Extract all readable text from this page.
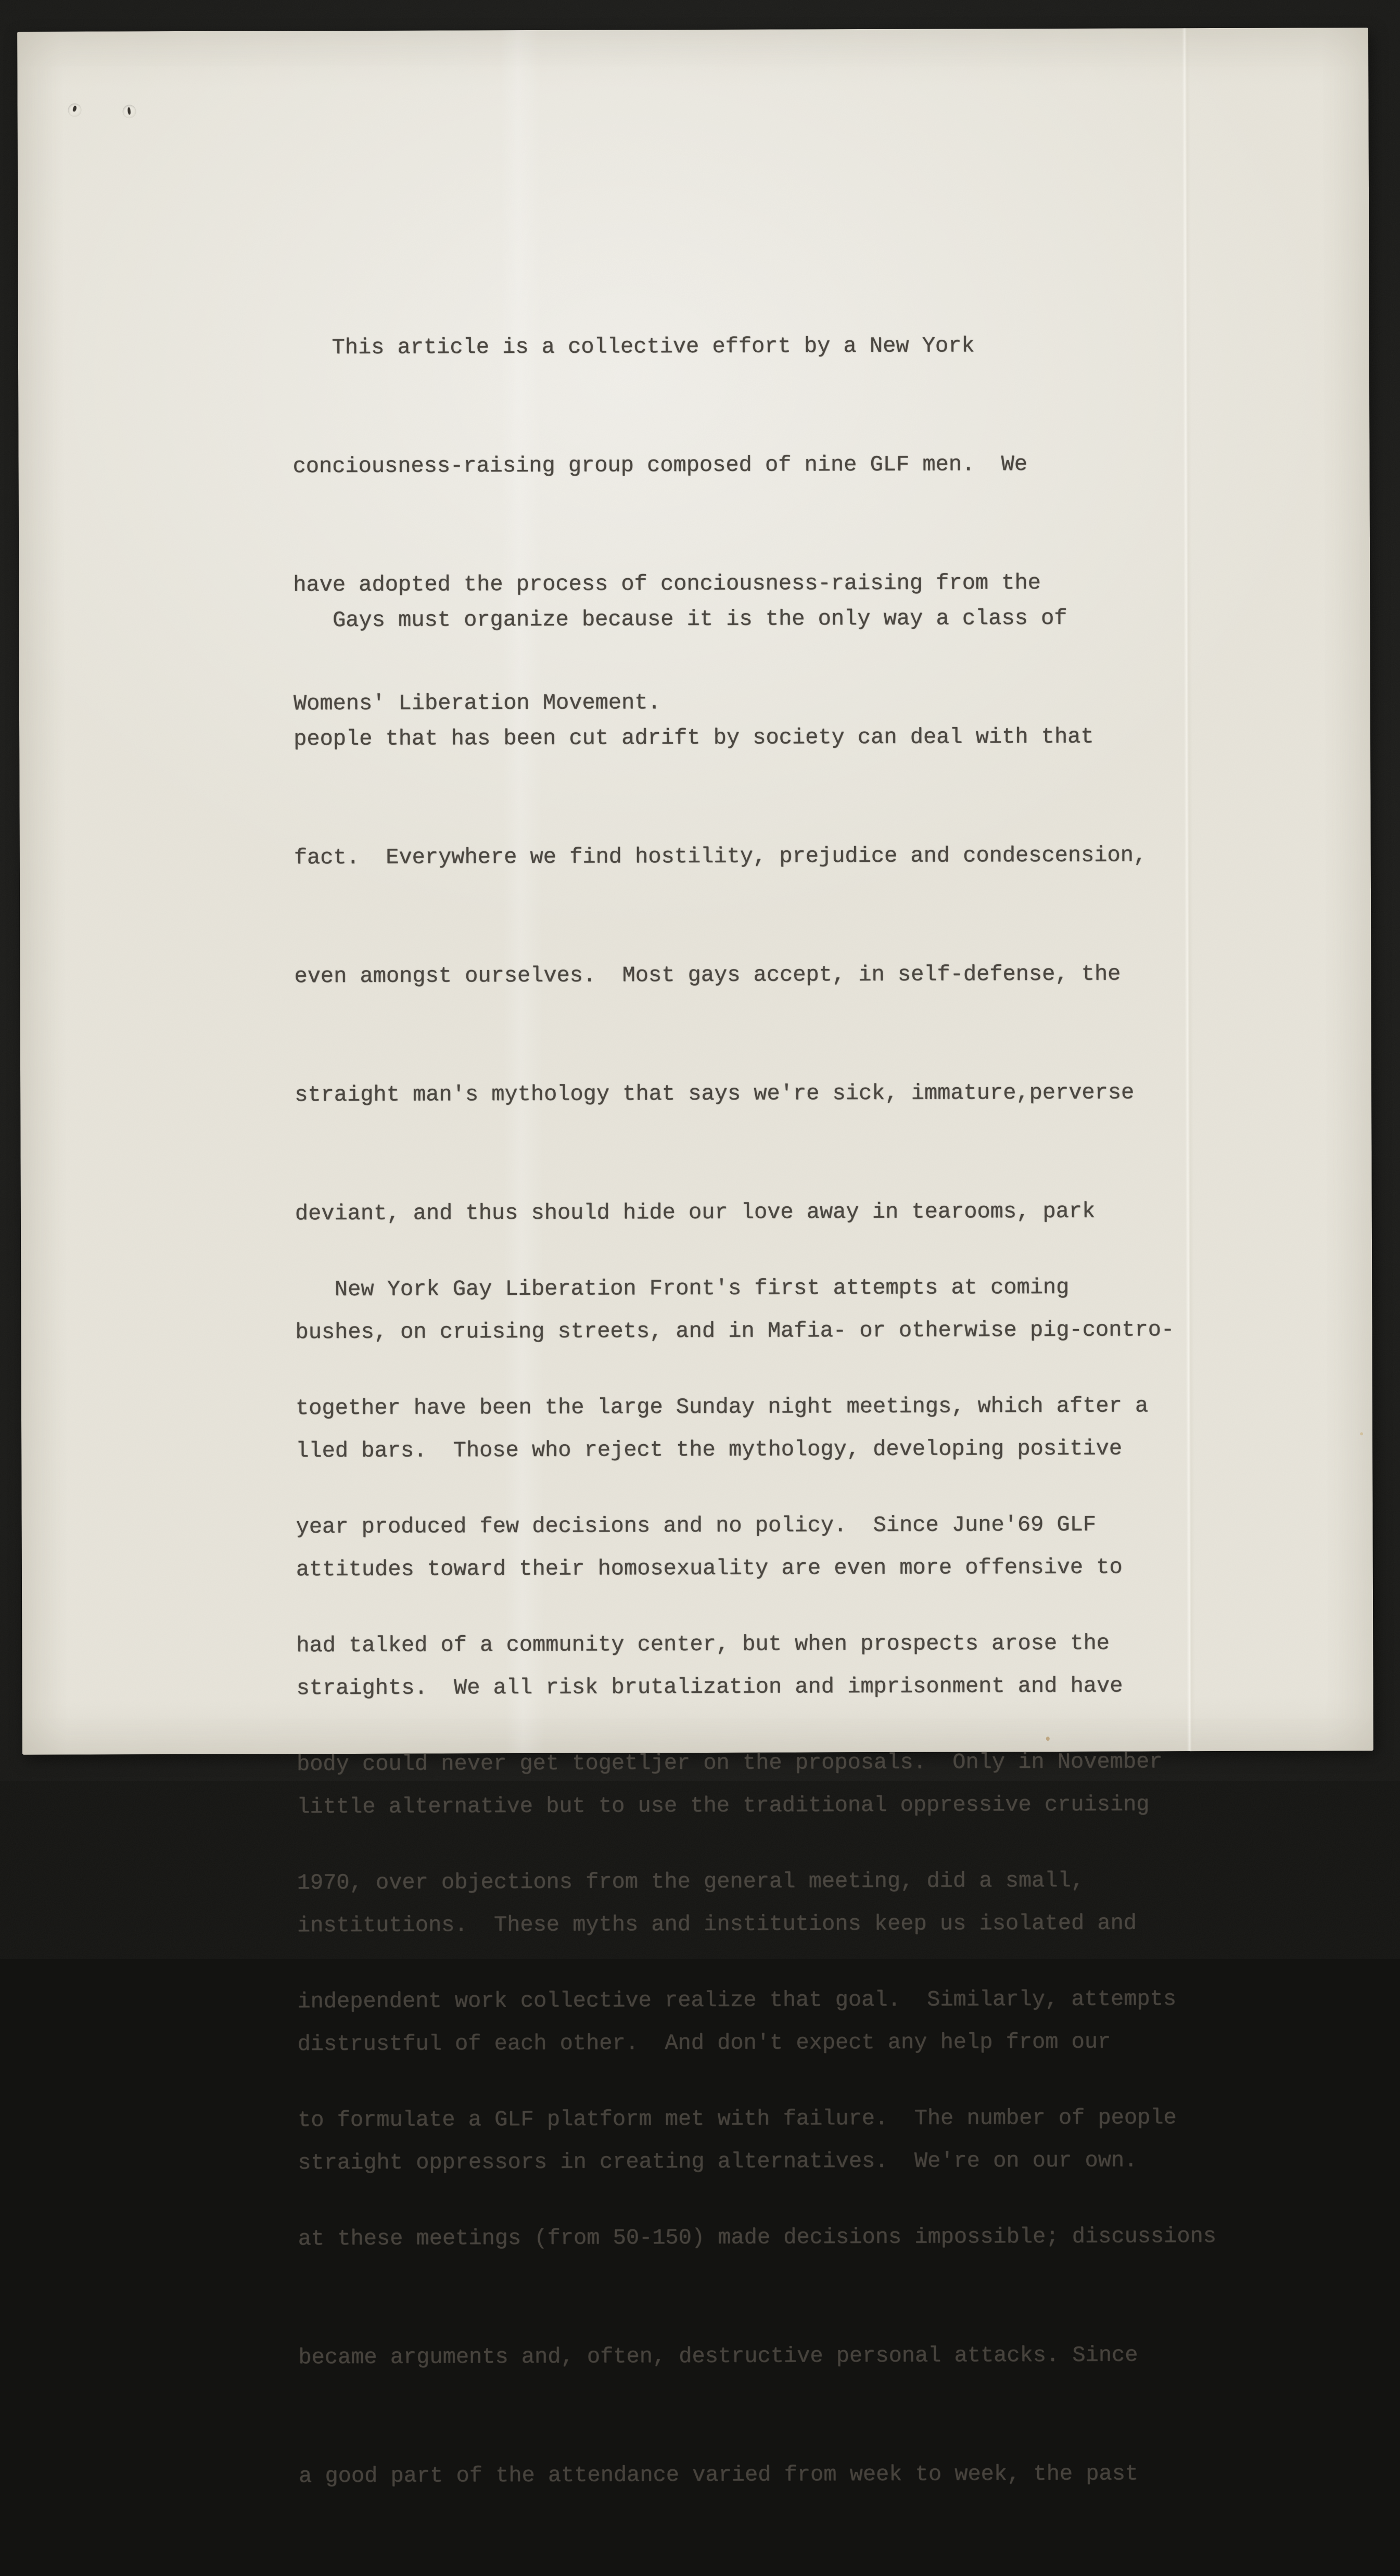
This article is a collective effort by a New York

conciousness-raising group composed of nine GLF men.  We

have adopted the process of conciousness-raising from the

Womens' Liberation Movement.

Gays must organize because it is the only way a class of

people that has been cut adrift by society can deal with that

fact.  Everywhere we find hostility, prejudice and condescension,

even amongst ourselves.  Most gays accept, in self-defense, the

straight man's mythology that says we're sick, immature,perverse

deviant, and thus should hide our love away in tearooms, park

bushes, on cruising streets, and in Mafia- or otherwise pig-contro-

lled bars.  Those who reject the mythology, developing positive

attitudes toward their homosexuality are even more offensive to

straights.  We all risk brutalization and imprisonment and have

little alternative but to use the traditional oppressive cruising

institutions.  These myths and institutions keep us isolated and

distrustful of each other.  And don't expect any help from our

straight oppressors in creating alternatives.  We're on our own.

New York Gay Liberation Front's first attempts at coming

together have been the large Sunday night meetings, which after a

year produced few decisions and no policy.  Since June'69 GLF

had talked of a community center, but when prospects arose the

body could never get togetljer on the proposals.  Only in November

1970, over objections from the general meeting, did a small,

independent work collective realize that goal.  Similarly, attempts

to formulate a GLF platform met with failure.  The number of people

at these meetings (from 50-150) made decisions impossible; discussions

became arguments and, often, destructive personal attacks. Since

a good part of the attendance varied from week to week, the past
